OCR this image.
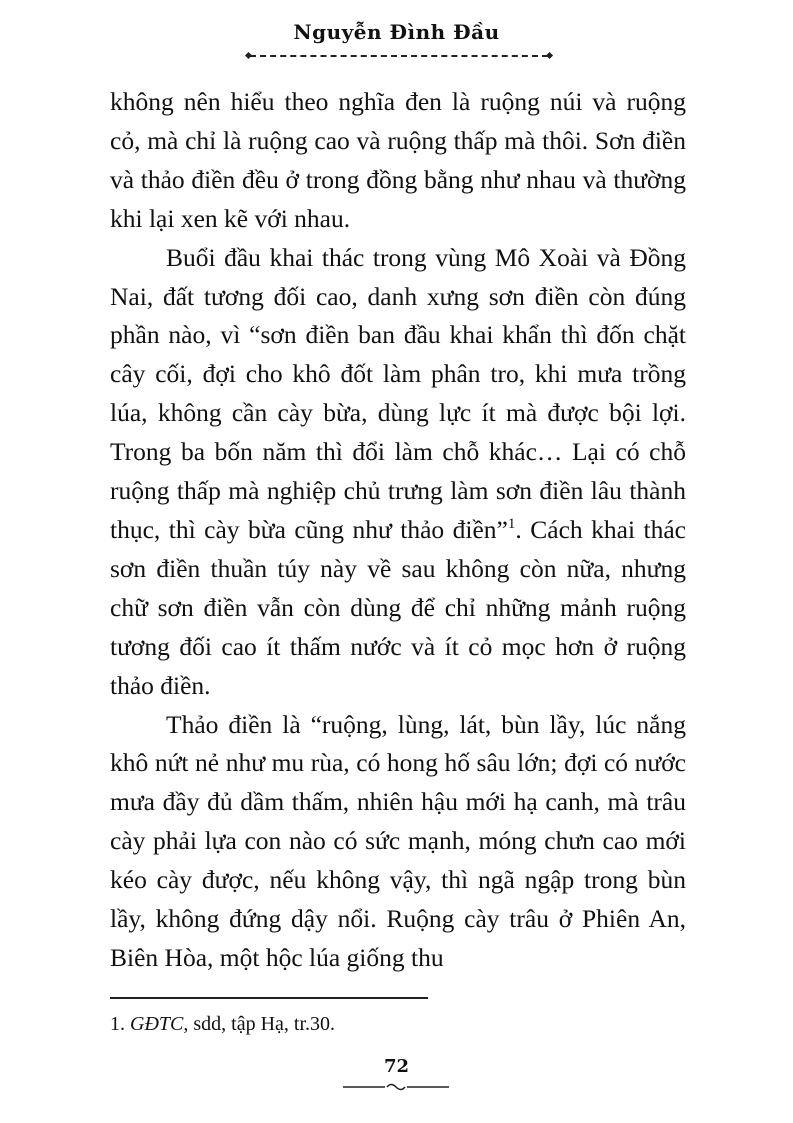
Nguyễn Đình Đầu

không nên hiểu theo nghĩa đen là ruộng núi và ruộng cỏ, mà chỉ là ruộng cao và ruộng thấp mà thôi. Sơn điền và thảo điền đều ở trong đồng bằng như nhau và thường khi lại xen kẽ với nhau.

Buổi đầu khai thác trong vùng Mô Xoài và Đồng Nai, đất tương đối cao, danh xưng sơn điền còn đúng phần nào, vì “sơn điền ban đầu khai khẩn thì đốn chặt cây cối, đợi cho khô đốt làm phân tro, khi mưa trồng lúa, không cần cày bừa, dùng lực ít mà được bội lợi. Trong ba bốn năm thì đổi làm chỗ khác… Lại có chỗ ruộng thấp mà nghiệp chủ trưng làm sơn điền lâu thành thục, thì cày bừa cũng như thảo điền”$^1$. Cách khai thác sơn điền thuần túy này về sau không còn nữa, nhưng chữ sơn điền vẫn còn dùng để chỉ những mảnh ruộng tương đối cao ít thấm nước và ít cỏ mọc hơn ở ruộng thảo điền.

Thảo điền là “ruộng, lùng, lát, bùn lầy, lúc nắng khô nứt nẻ như mu rùa, có hong hố sâu lớn; đợi có nước mưa đầy đủ dầm thấm, nhiên hậu mới hạ canh, mà trâu cày phải lựa con nào có sức mạnh, móng chưn cao mới kéo cày được, nếu không vậy, thì ngã ngập trong bùn lầy, không đứng dậy nổi. Ruộng cày trâu ở Phiên An, Biên Hòa, một hộc lúa giống thu

1. GĐTC, sdd, tập Hạ, tr.30.
72
